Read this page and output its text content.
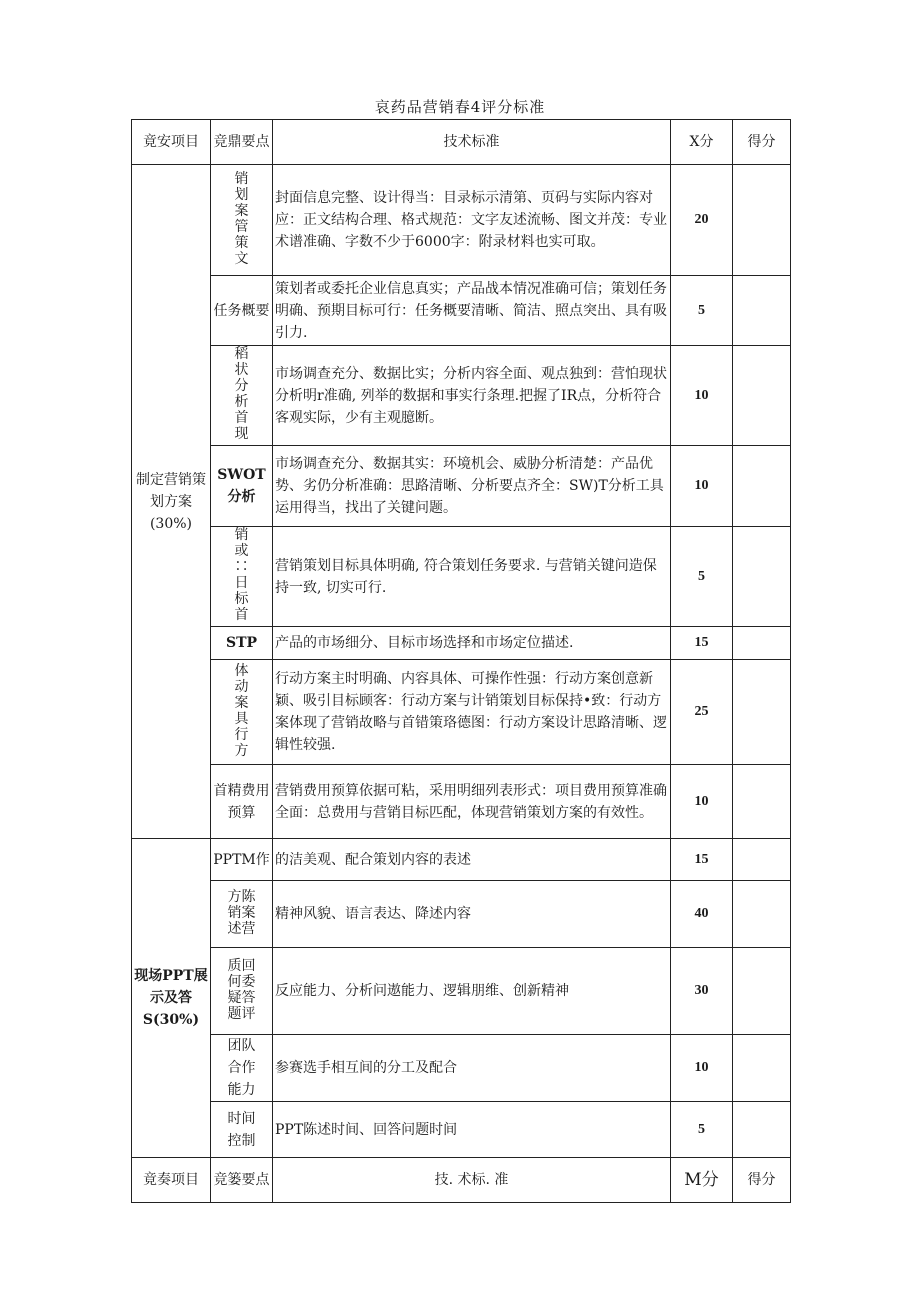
哀药品营销春4评分标准
竟安项目	竞鼎要点	技术标准	X分	得分
制定营销策划方案(30%)	销划案管策文	封面信息完整、设计得当：目录标示清第、页码与实际内容对应：正文结构合理、格式规范：文字友述流畅、图文并茂：专业术谱准确、字数不少于6000字：附录材料也实可取。	20	
	任务概要	策划者或委托企业信息真实；产品战本情况准确可信；策划任务明确、预期目标可行：任务概要清晰、简洁、照点突出、具有吸引力.	5	
	稻状分析首现	市场调查充分、数据比实；分析内容全面、观点独到：营怕现状分析明r准确, 列举的数据和事实行条理.把握了IR点，分析符合客观实际，少有主观臆断。	10	
	SWOT分析	市场调查充分、数据其实：环境机会、威胁分析清楚：产品优势、劣仍分析准确：思路清晰、分析要点齐全：SW)T分析工具运用得当，找出了关键问题。	10	
	销或∷日标首	营销策划目标具体明确, 符合策划任务要求. 与营销关键问造保持一致, 切实可行.	5	
	STP	产品的市场细分、目标市场选择和市场定位描述.	15	
	体动案具行方	行动方案主时明确、内容具体、可操作性强：行动方案创意新颖、吸引目标顾客：行动方案与计销策划目标保持•致：行动方案体现了营销故略与首错策珞德图：行动方案设计思路清晰、逻辑性较强.	25	
	首精费用预算	营销费用预算依据可粘，采用明细列表形式：项目费用预算准确全面：总费用与营销目标匹配，体现营销策划方案的有效性。	10	
现场PPT展示及答S(30%)	PPTM作	的洁美观、配合策划内容的表述	15	
	方陈销案述营	精神风貌、语言表达、降述内容	40	
	质回何委疑答题评	反应能力、分析问遨能力、逻辑朋维、创新精神	30	
	团队合作能力	参赛选手相互间的分工及配合	10	
	时间控制	PPT陈述时间、回答问题时间	5	
竟奏项目	竞篓要点	技. 术标. 准	M分	得分
